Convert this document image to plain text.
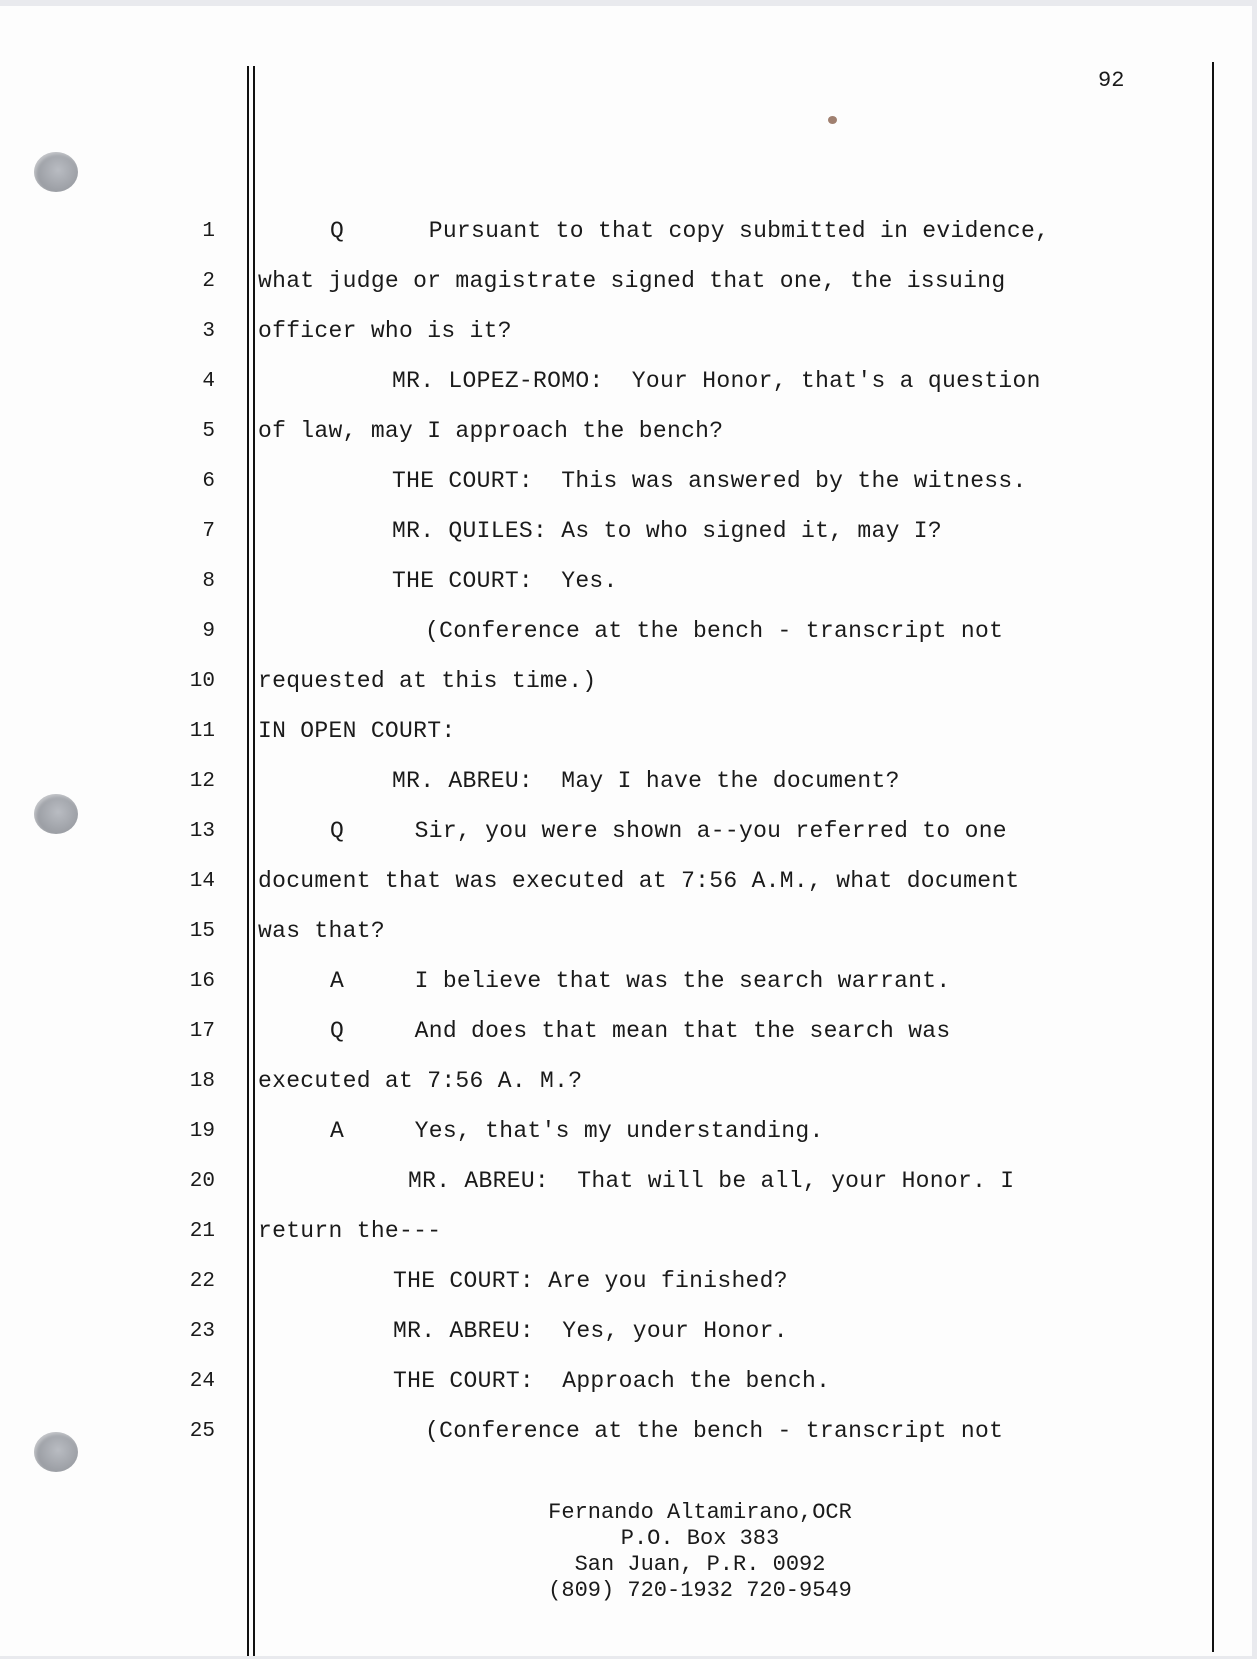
92
1	Q      Pursuant to that copy submitted in evidence,
2 what judge or magistrate signed that one, the issuing
3 officer who is it?
4	MR. LOPEZ-ROMO:  Your Honor, that's a question
5 of law, may I approach the bench?
6	THE COURT:  This was answered by the witness.
7	MR. QUILES: As to who signed it, may I?
8	THE COURT:  Yes.
9	(Conference at the bench - transcript not
10 requested at this time.)
11 IN OPEN COURT:
12	MR. ABREU:  May I have the document?
13	Q     Sir, you were shown a--you referred to one
14 document that was executed at 7:56 A.M., what document
15 was that?
16	A     I believe that was the search warrant.
17	Q     And does that mean that the search was
18 executed at 7:56 A. M.?
19	A     Yes, that's my understanding.
20	MR. ABREU:  That will be all, your Honor. I
21 return the---
22	THE COURT: Are you finished?
23	MR. ABREU:  Yes, your Honor.
24	THE COURT:  Approach the bench.
25	(Conference at the bench - transcript not
Fernando Altamirano,OCR
P.O. Box 383
San Juan, P.R. 0092
(809) 720-1932 720-9549
